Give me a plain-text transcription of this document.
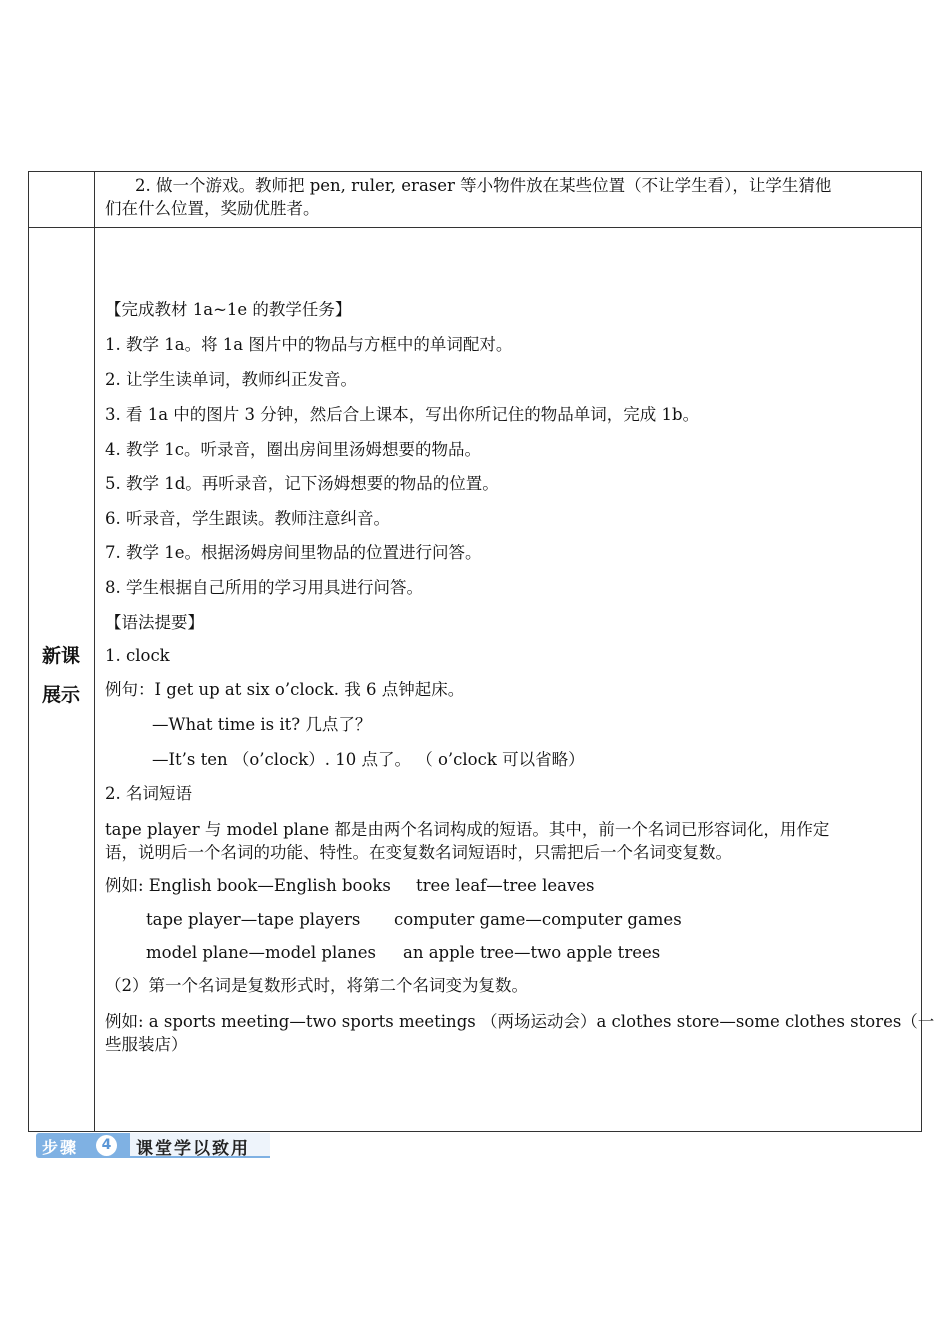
2. 做一个游戏。教师把 pen, ruler, eraser 等小物件放在某些位置（不让学生看），让学生猜他
们在什么位置，奖励优胜者。
新课
展示
【完成教材 1a~1e 的教学任务】
1. 教学 1a。将 1a 图片中的物品与方框中的单词配对。
2. 让学生读单词，教师纠正发音。
3. 看 1a 中的图片 3 分钟，然后合上课本，写出你所记住的物品单词，完成 1b。
4. 教学 1c。听录音，圈出房间里汤姆想要的物品。
5. 教学 1d。再听录音，记下汤姆想要的物品的位置。
6. 听录音，学生跟读。教师注意纠音。
7. 教学 1e。根据汤姆房间里物品的位置进行问答。
8. 学生根据自己所用的学习用具进行问答。
【语法提要】
1. clock
例句：I get up at six o’clock. 我 6 点钟起床。
—What time is it? 几点了？
—It’s ten （o’clock）. 10 点了。 （ o’clock 可以省略）
2. 名词短语
tape player 与 model plane 都是由两个名词构成的短语。其中，前一个名词已形容词化，用作定
语，说明后一个名词的功能、特性。在变复数名词短语时，只需把后一个名词变复数。
例如: English book—English books tree leaf—tree leaves
tape player—tape players computer game—computer games
model plane—model planes an apple tree—two apple trees
（2）第一个名词是复数形式时，将第二个名词变为复数。
例如: a sports meeting—two sports meetings （两场运动会）a clothes store—some clothes stores（一
些服装店）
步骤	4	课堂学以致用
